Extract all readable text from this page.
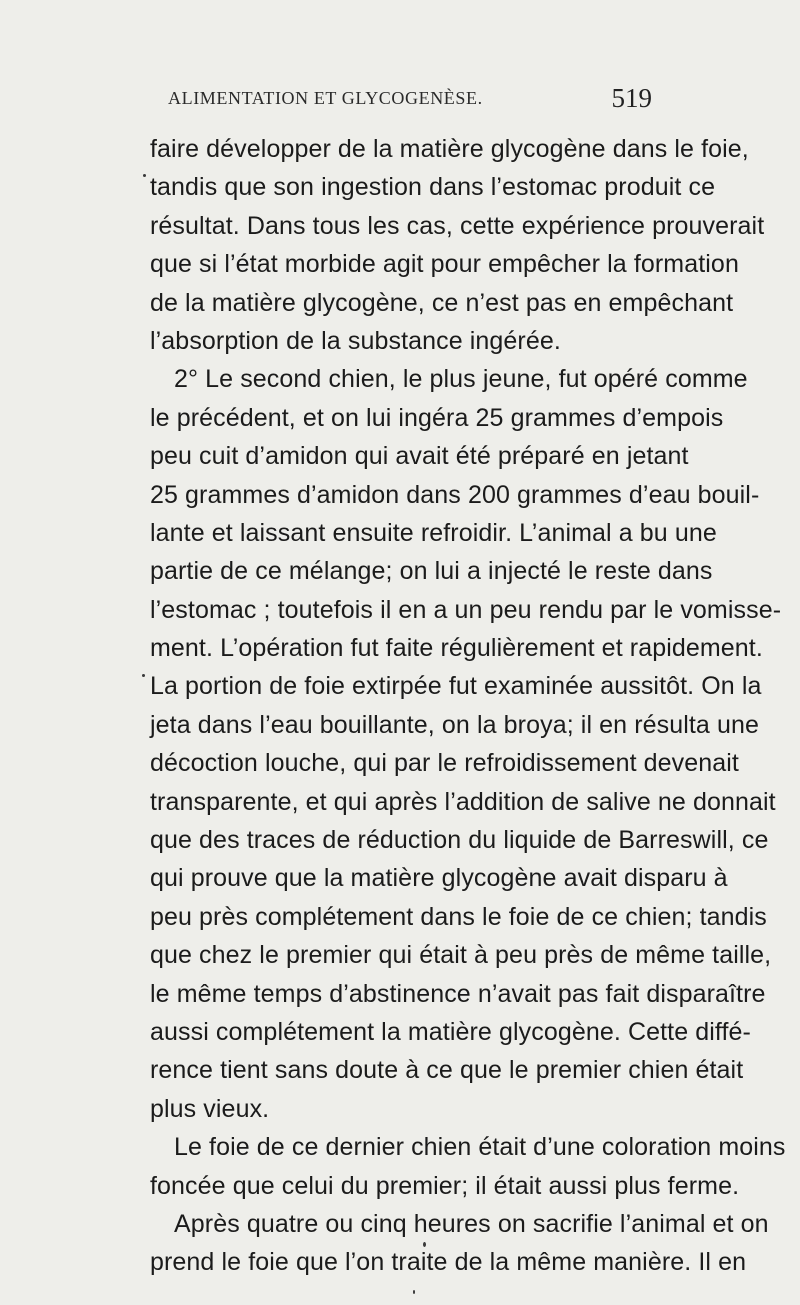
ALIMENTATION ET GLYCOGENÈSE.	519
faire développer de la matière glycogène dans le foie,
tandis que son ingestion dans l’estomac produit ce
résultat. Dans tous les cas, cette expérience prouverait
que si l’état morbide agit pour empêcher la formation
de la matière glycogène, ce n’est pas en empêchant
l’absorption de la substance ingérée.
2° Le second chien, le plus jeune, fut opéré comme
le précédent, et on lui ingéra 25 grammes d’empois
peu cuit d’amidon qui avait été préparé en jetant
25 grammes d’amidon dans 200 grammes d’eau bouil-
lante et laissant ensuite refroidir. L’animal a bu une
partie de ce mélange; on lui a injecté le reste dans
l’estomac ; toutefois il en a un peu rendu par le vomisse-
ment. L’opération fut faite régulièrement et rapidement.
La portion de foie extirpée fut examinée aussitôt. On la
jeta dans l’eau bouillante, on la broya; il en résulta une
décoction louche, qui par le refroidissement devenait
transparente, et qui après l’addition de salive ne donnait
que des traces de réduction du liquide de Barreswill, ce
qui prouve que la matière glycogène avait disparu à
peu près complétement dans le foie de ce chien; tandis
que chez le premier qui était à peu près de même taille,
le même temps d’abstinence n’avait pas fait disparaître
aussi complétement la matière glycogène. Cette diffé-
rence tient sans doute à ce que le premier chien était
plus vieux.
Le foie de ce dernier chien était d’une coloration moins
foncée que celui du premier; il était aussi plus ferme.
Après quatre ou cinq heures on sacrifie l’animal et on
prend le foie que l’on traite de la même manière. Il en
